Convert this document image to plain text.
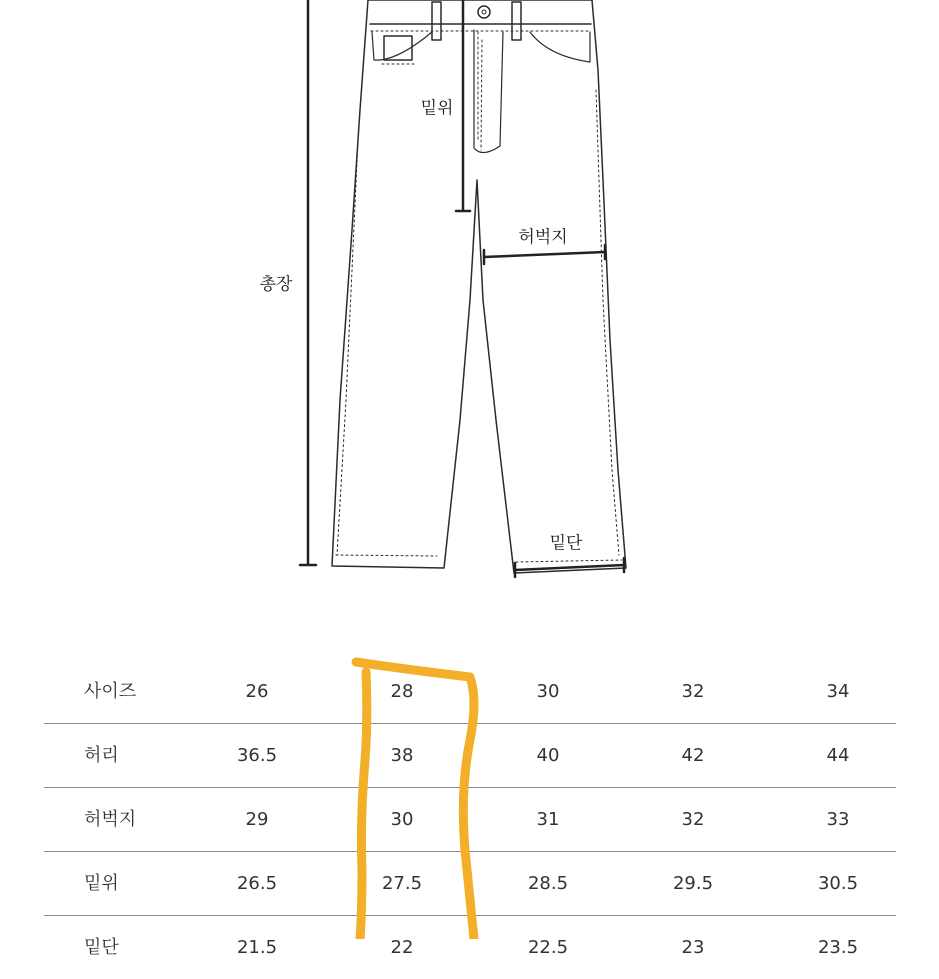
총장
밑위
허벅지
밑단
사이즈	26	28	30	32	34
허리	36.5	38	40	42	44
허벅지	29	30	31	32	33
밑위	26.5	27.5	28.5	29.5	30.5
밑단	21.5	22	22.5	23	23.5
